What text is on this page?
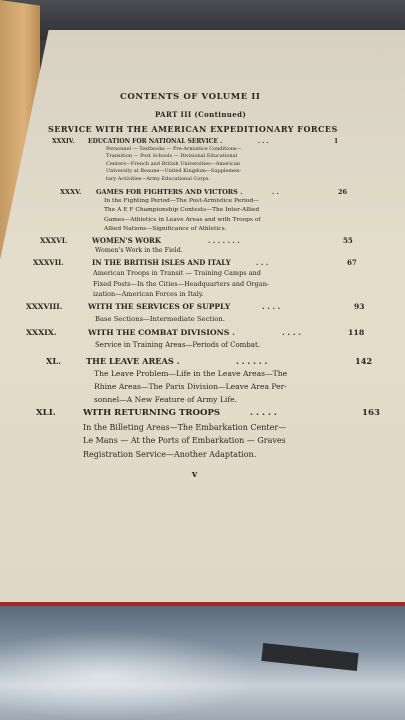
CONTENTS OF VOLUME II
PART III (Continued)
SERVICE WITH THE AMERICAN EXPEDITIONARY FORCES
XXXIV. EDUCATION FOR NATIONAL SERVICE .	. . .	1
Personnel — Textbooks — Pre-Armistice Conditions—
Transition — Post Schools — Divisional Educational
Centers—French and British Universities—American
University at Beaune—United Kingdom—Supplemen-
tary Activities—Army Educational Corps.
XXXV. GAMES FOR FIGHTERS AND VICTORS .	. .	26
In the Fighting Period—The Post-Armistice Period—
The A E F Championship Contests—The Inter-Allied
Games—Athletics in Leave Areas and with Troops of
Allied Nations—Significance of Athletics.
XXXVI.	WOMEN'S WORK	. . . . . . .	55
Women's Work in the Field.
XXXVII.	IN THE BRITISH ISLES AND ITALY	. . .	67
American Troops in Transit — Training Camps and
Fixed Posts—In the Cities—Headquarters and Organ-
ization—American Forces in Italy.
XXXVIII.	WITH THE SERVICES OF SUPPLY	. . . .	93
Base Sections—Intermediate Section.
XXXIX.	WITH THE COMBAT DIVISIONS .	. . . .	118
Service in Training Areas—Periods of Combat.
XL.	THE LEAVE AREAS .	. . . . . .	142
The Leave Problem—Life in the Leave Areas—The
Rhine Areas—The Paris Division—Leave Area Per-
sonnel—A New Feature of Army Life.
XLI.	WITH RETURNING TROOPS	. . . . .	163
In the Billeting Areas—The Embarkation Center—
Le Mans — At the Ports of Embarkation — Graves
Registration Service—Another Adaptation.
v
